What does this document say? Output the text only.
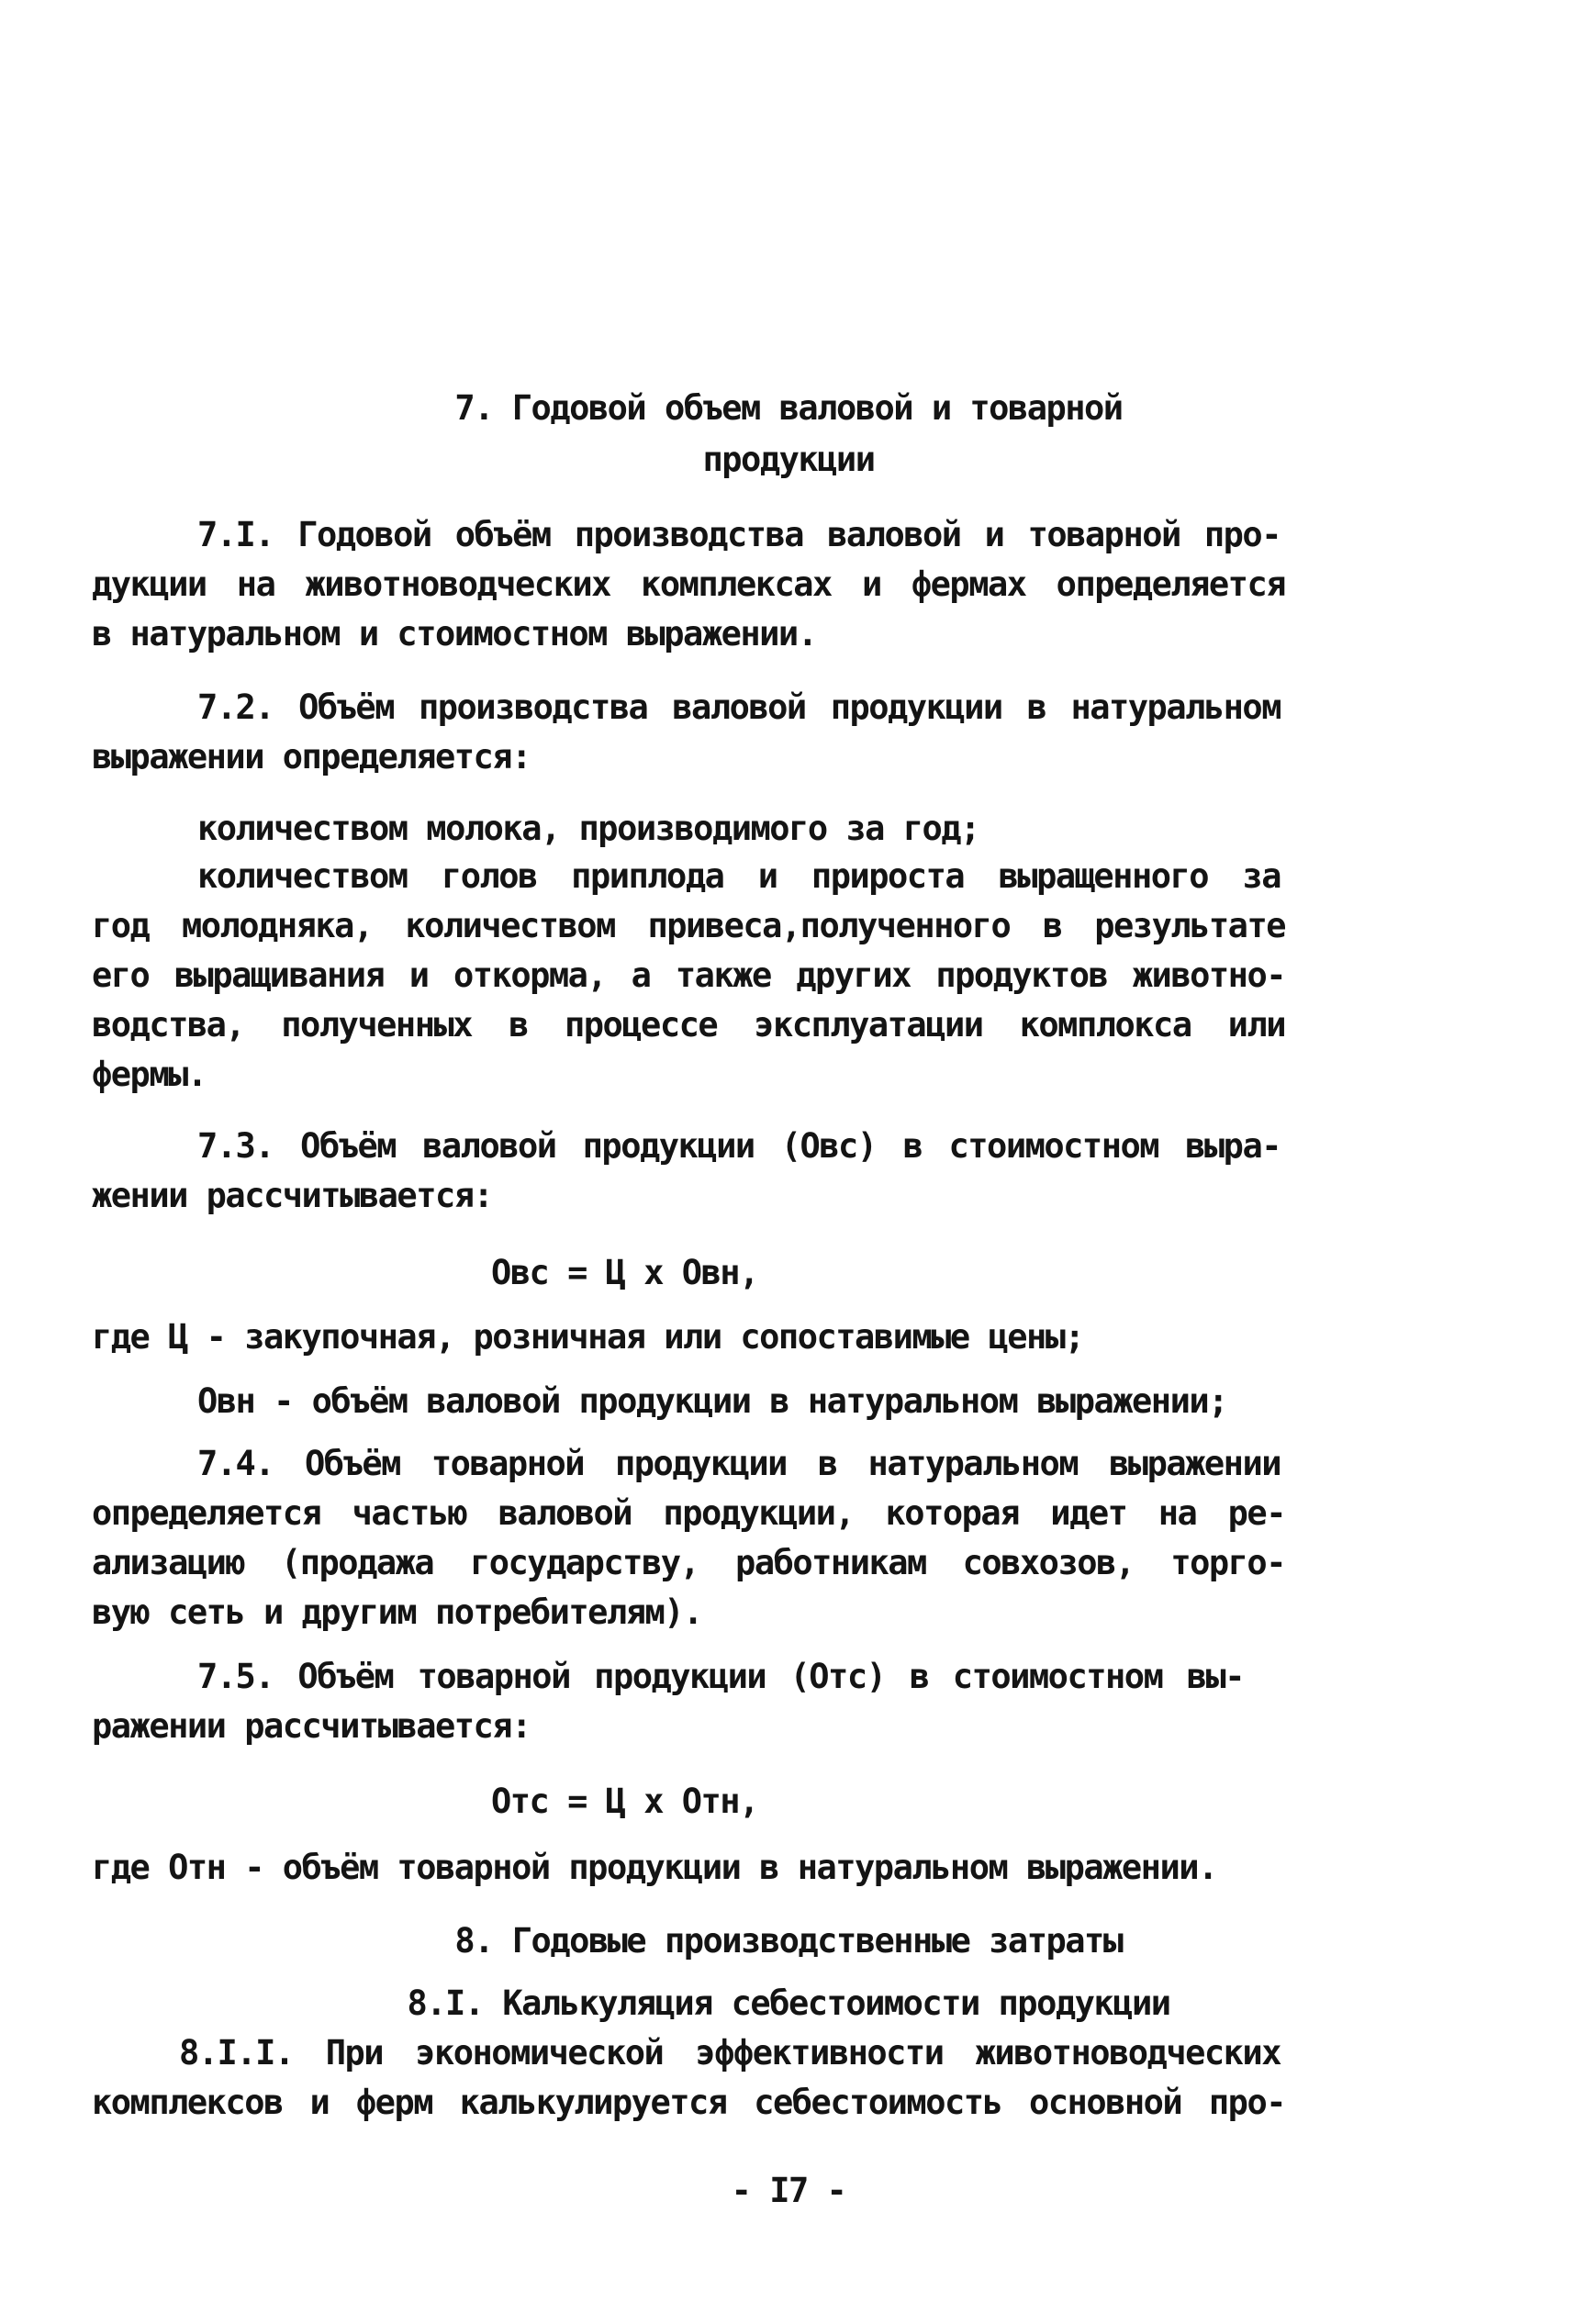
7. Годовой объем валовой и товарной
продукции
7.I. Годовой объём производства валовой и товарной про-
дукции на животноводческих комплексах и фермах определяется
в натуральном и стоимостном выражении.
7.2. Объём производства валовой продукции в натуральном
выражении определяется:
количеством молока, производимого за год;
количеством голов приплода и прироста выращенного за
год молодняка, количеством привеса,полученного в результате
его выращивания и откорма, а также других продуктов животно-
водства, полученных в процессе эксплуатации комплокса или
фермы.
7.3. Объём валовой продукции (Овс) в стоимостном выра-
жении рассчитывается:
Овс = Ц х Овн,
где Ц - закупочная, розничная или сопоставимые цены;
Овн - объём валовой продукции в натуральном выражении;
7.4. Объём товарной продукции в натуральном выражении
определяется частью валовой продукции, которая идет на ре-
ализацию (продажа государству, работникам совхозов, торго-
вую сеть и другим потребителям).
7.5. Объём товарной продукции (Отс) в стоимостном вы-
ражении рассчитывается:
Отс = Ц х Отн,
где Отн - объём товарной продукции в натуральном выражении.
8. Годовые производственные затраты
8.I. Калькуляция себестоимости продукции
8.I.I. При экономической эффективности животноводческих
комплексов и ферм калькулируется себестоимость основной про-
- I7 -
